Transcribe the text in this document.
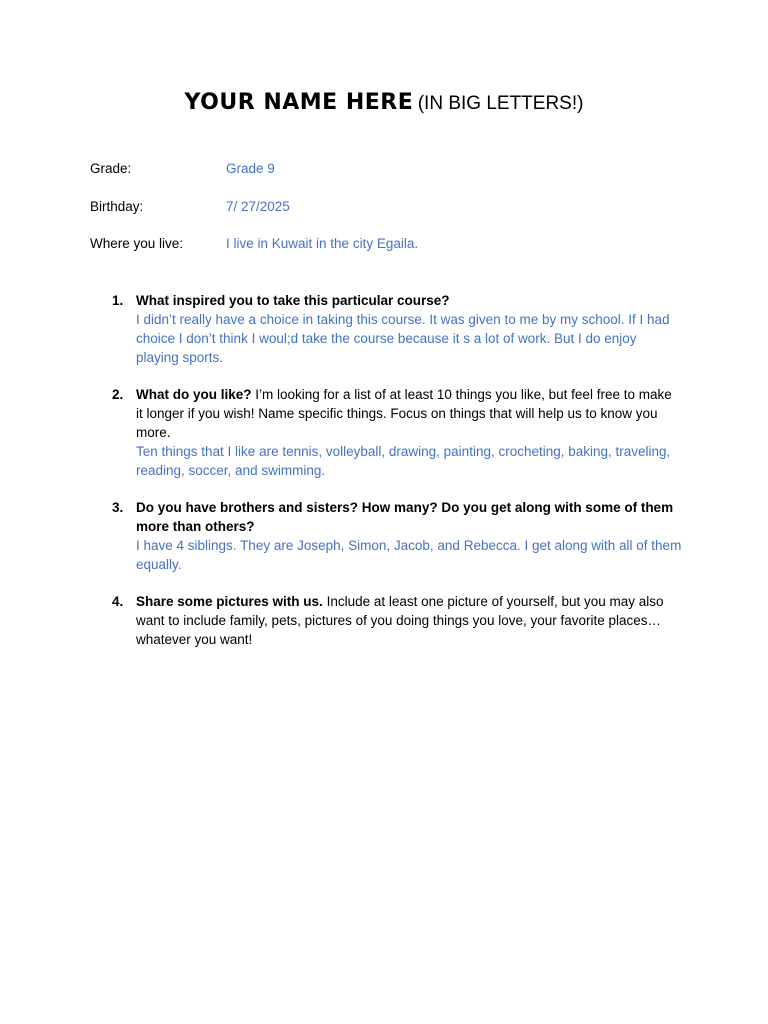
YOUR NAME HERE (IN BIG LETTERS!)
Grade:	Grade 9
Birthday:	7/ 27/2025
Where you live:	I live in Kuwait in the city Egaila.
1. What inspired you to take this particular course?
I didn’t really have a choice in taking this course. It was given to me by my school. If I had choice I don’t think I woul;d take the course because it s a lot of work. But I do enjoy playing sports.
2. What do you like? I’m looking for a list of at least 10 things you like, but feel free to make it longer if you wish! Name specific things. Focus on things that will help us to know you more.
Ten things that I like are tennis, volleyball, drawing, painting, crocheting, baking, traveling, reading, soccer, and swimming.
3. Do you have brothers and sisters? How many? Do you get along with some of them more than others?
I have 4 siblings. They are Joseph, Simon, Jacob, and Rebecca. I get along with all of them equally.
4. Share some pictures with us. Include at least one picture of yourself, but you may also want to include family, pets, pictures of you doing things you love, your favorite places… whatever you want!
